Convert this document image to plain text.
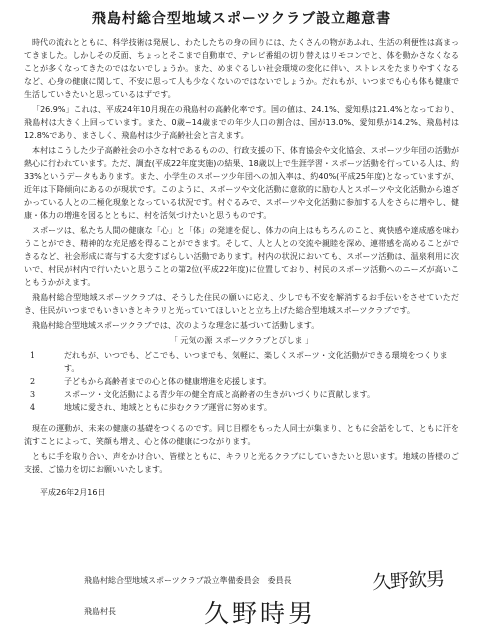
飛島村総合型地域スポーツクラブ設立趣意書

時代の流れとともに、科学技術は発展し、わたしたちの身の回りには、たくさんの物があふれ、生活の利便性は高まってきました。しかしその反面、ちょっとそこまで自動車で、テレビ番組の切り替えはリモコンでと、体を動かさなくなることが多くなってきたのではないでしょうか。また、めまぐるしい社会環境の変化に伴い、ストレスをたまりやすくなるなど、心身の健康に関して、不安に思って人も少なくないのではないでしょうか。だれもが、いつまでも心も体も健康で生活していきたいと思っているはずです。

「26.9%」これは、平成24年10月現在の飛島村の高齢化率です。国の値は、24.1%、愛知県は21.4%となっており、飛島村は大きく上回っています。また、0歳~14歳までの年少人口の割合は、国が13.0%、愛知県が14.2%、飛島村は12.8%であり、まさしく、飛島村は少子高齢社会と言えます。

本村はこうした少子高齢社会の小さな村であるものの、行政支援の下、体育協会や文化協会、スポーツ少年団の活動が熱心に行われています。ただ、調査(平成22年度実施)の結果、18歳以上で生涯学習・スポーツ活動を行っている人は、約33%というデータもあります。また、小学生のスポーツ少年団への加入率は、約40%(平成25年度)となっていますが、近年は下降傾向にあるのが現状です。このように、スポーツや文化活動に意欲的に励む人とスポーツや文化活動から遠ざかっている人との二極化現象となっている状況です。村ぐるみで、スポーツや文化活動に参加する人をさらに増やし、健康・体力の増進を図るとともに、村を活気づけたいと思うものです。

スポーツは、私たち人間の健康な「心」と「体」の発達を促し、体力の向上はもちろんのこと、爽快感や達成感を味わうことができ、精神的な充足感を得ることができます。そして、人と人との交流や親睦を深め、連帯感を高めることができるなど、社会形成に寄与する大変すばらしい活動であります。村内の状況においても、スポーツ活動は、温泉利用に次いで、村民が村内で行いたいと思うことの第2位(平成22年度)に位置しており、村民のスポーツ活動へのニーズが高いこともうかがえます。

飛島村総合型地域スポーツクラブは、そうした住民の願いに応え、少しでも不安を解消するお手伝いをさせていただき、住民がいつまでもいきいきとキラリと光っていてほしいとと立ち上げた総合型地域スポーツクラブです。

飛島村総合型地域スポーツクラブでは、次のような理念に基づいて活動します。

「 元気の源 スポーツクラブとびしま 」
1	だれもが、いつでも、どこでも、いつまでも、気軽に、楽しくスポーツ・文化活動ができる環境をつくります。
2	子どもから高齢者までの心と体の健康増進を応援します。
3	スポーツ・文化活動による青少年の健全育成と高齢者の生きがいづくりに貢献します。
4	地域に愛され、地域とともに歩むクラブ運営に努めます。

現在の運動が、未来の健康の基礎をつくるのです。同じ目標をもった人同士が集まり、ともに会話をして、ともに汗を流すことによって、笑顔も増え、心と体の健康につながります。

ともに手を取り合い、声をかけ合い、皆様とともに、キラリと光るクラブにしていきたいと思います。地域の皆様のご支援、ご協力を切にお願いいたします。

平成26年2月16日
飛島村総合型地域スポーツクラブ設立準備委員会　委員長	久野欽男
飛島村長	久野時男
